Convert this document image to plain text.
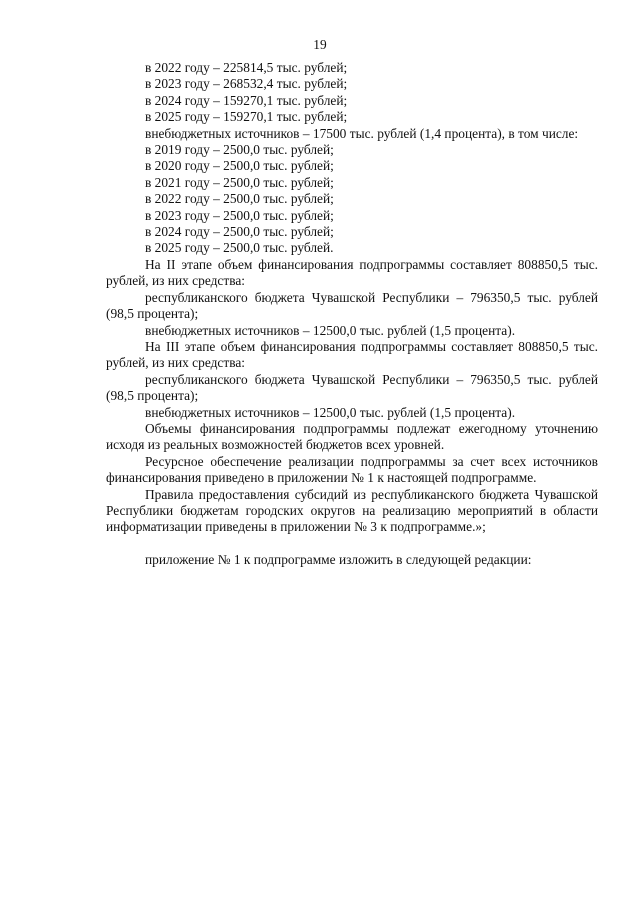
19

в 2022 году – 225814,5 тыс. рублей;

в 2023 году – 268532,4 тыс. рублей;

в 2024 году – 159270,1 тыс. рублей;

в 2025 году – 159270,1 тыс. рублей;

внебюджетных источников – 17500 тыс. рублей (1,4 процента), в том числе:

в 2019 году – 2500,0 тыс. рублей;

в 2020 году – 2500,0 тыс. рублей;

в 2021 году – 2500,0 тыс. рублей;

в 2022 году – 2500,0 тыс. рублей;

в 2023 году – 2500,0 тыс. рублей;

в 2024 году – 2500,0 тыс. рублей;

в 2025 году – 2500,0 тыс. рублей.

На II этапе объем финансирования подпрограммы составляет 808850,5 тыс. рублей, из них средства:

республиканского бюджета Чувашской Республики – 796350,5 тыс. рублей (98,5 процента);

внебюджетных источников – 12500,0 тыс. рублей (1,5 процента).

На III этапе объем финансирования подпрограммы составляет 808850,5 тыс. рублей, из них средства:

республиканского бюджета Чувашской Республики – 796350,5 тыс. рублей (98,5 процента);

внебюджетных источников – 12500,0 тыс. рублей (1,5 процента).

Объемы финансирования подпрограммы подлежат ежегодному уточнению исходя из реальных возможностей бюджетов всех уровней.

Ресурсное обеспечение реализации подпрограммы за счет всех источников финансирования приведено в приложении № 1 к настоящей подпрограмме.

Правила предоставления субсидий из республиканского бюджета Чувашской Республики бюджетам городских округов на реализацию мероприятий в области информатизации приведены в приложении № 3 к подпрограмме.»;

приложение № 1 к подпрограмме изложить в следующей редакции:
